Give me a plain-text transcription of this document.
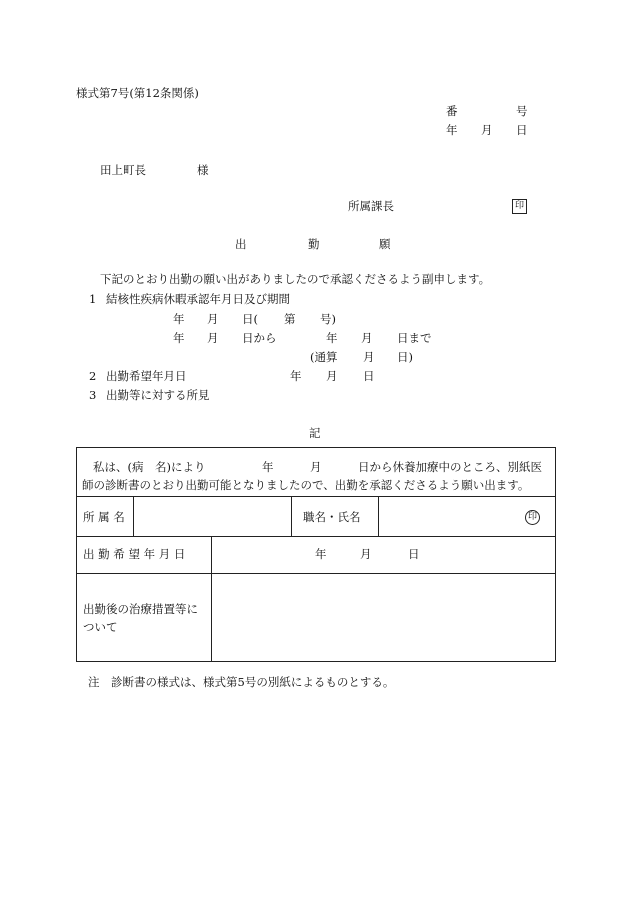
様式第7号(第12条関係)
番	号
年 月 日
田上町長	様
所属課長	印
出	勤	願
下記のとおり出勤の願い出がありましたので承認くださるよう副申します。
1 結核性疾病休暇承認年月日及び期間
年 月 日( 第 号)
年 月 日から	年 月 日まで
(通算 月 日)
2 出勤希望年月日	年 月 日
3 出勤等に対する所見
記
私は、(病　名)により	年	月	日から休養加療中のところ、別紙医
師の診断書のとおり出勤可能となりましたので、出勤を承認くださるよう願い出ます。
所 属 名	職名・氏名	印
出 勤 希 望 年 月 日	年	月	日
出勤後の治療措置等に
ついて
注　診断書の様式は、様式第5号の別紙によるものとする。
